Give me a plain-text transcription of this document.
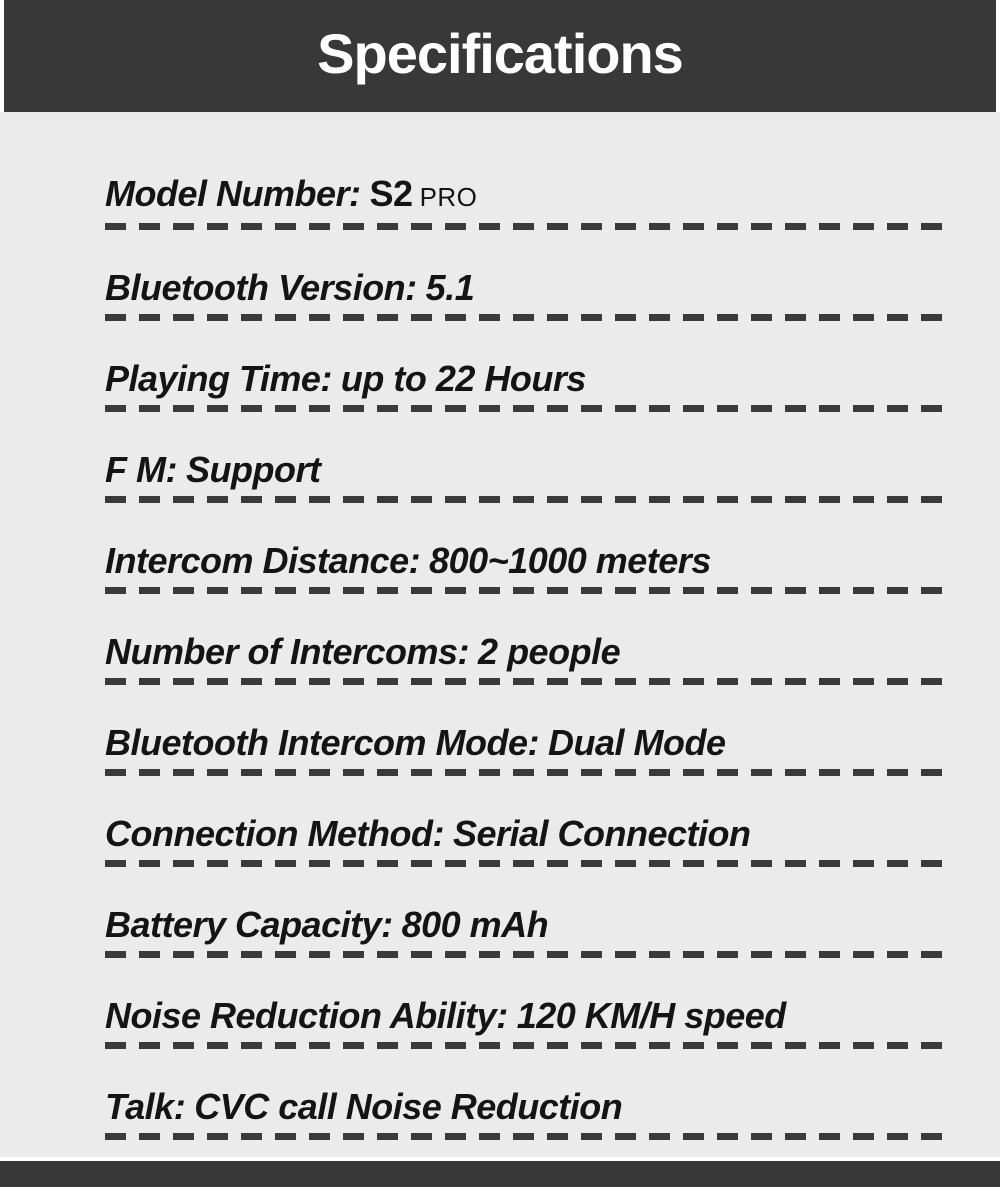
Specifications
Model Number: S2 PRO
Bluetooth Version: 5.1
Playing Time: up to 22 Hours
F M: Support
Intercom Distance: 800~1000 meters
Number of Intercoms: 2 people
Bluetooth Intercom Mode: Dual Mode
Connection Method: Serial Connection
Battery Capacity: 800 mAh
Noise Reduction Ability: 120 KM/H speed
Talk: CVC call Noise Reduction
